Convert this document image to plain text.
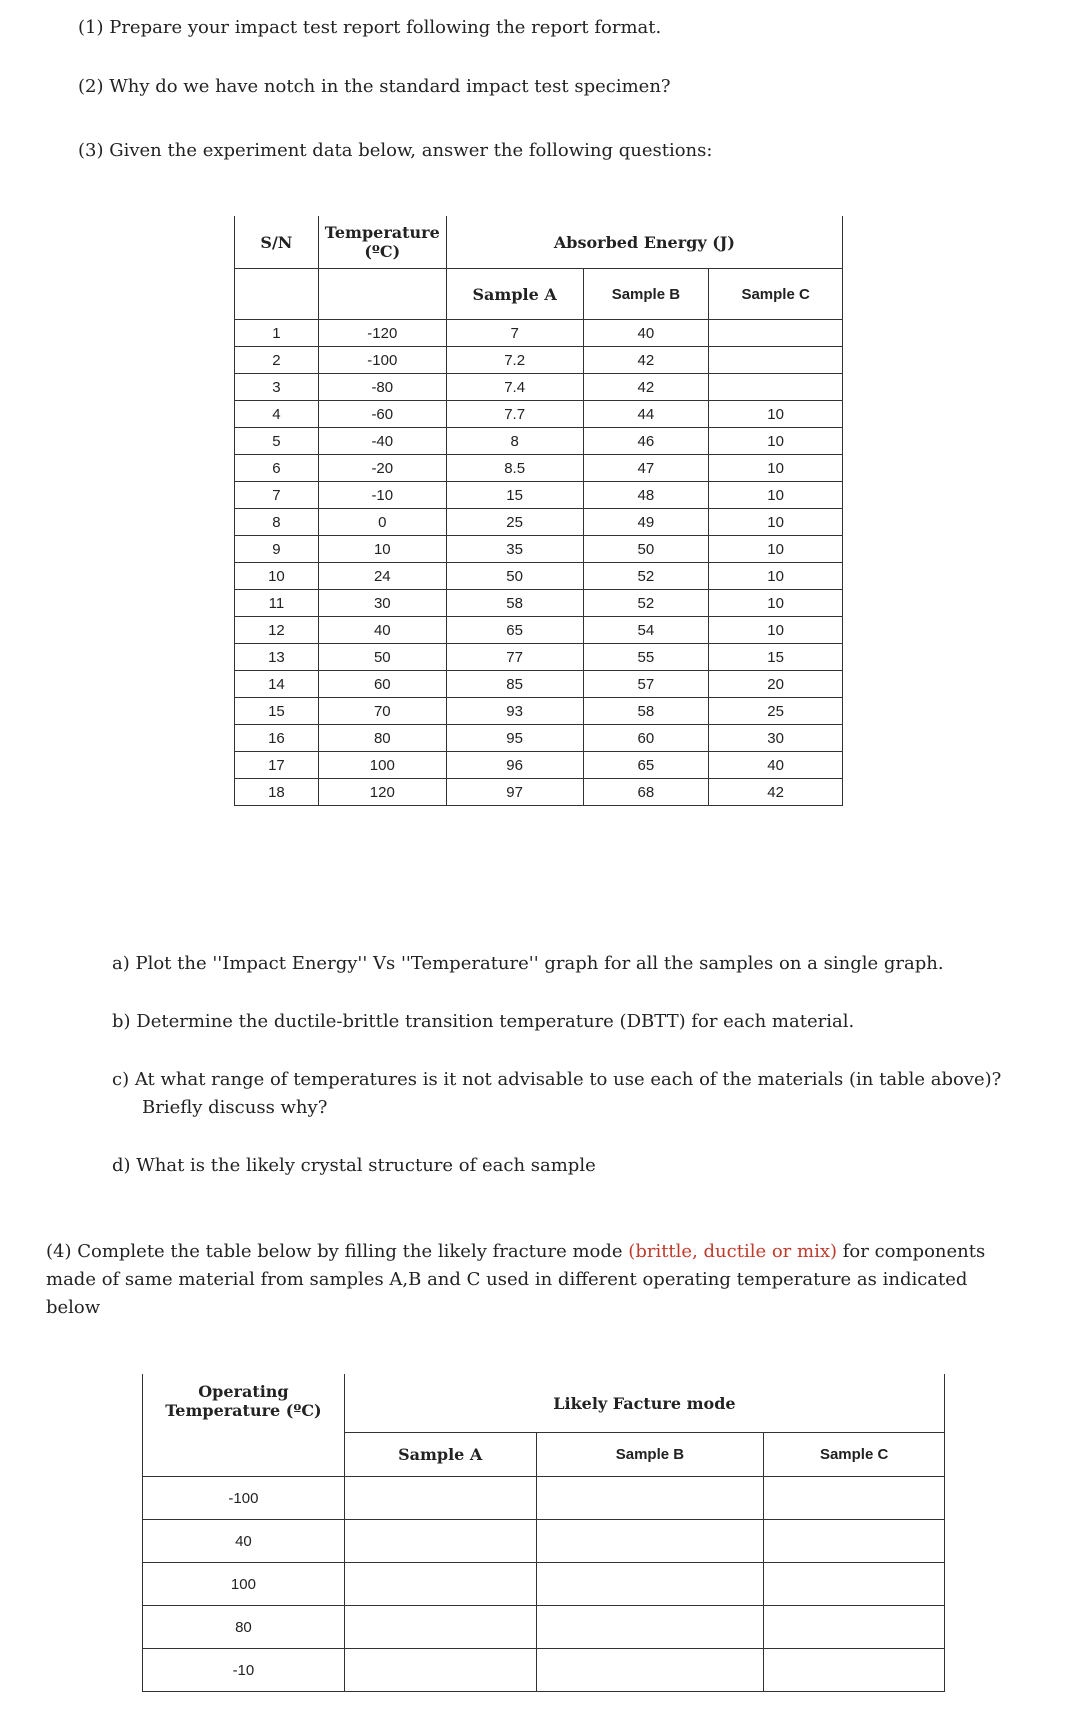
(1) Prepare your impact test report following the report format.

(2) Why do we have notch in the standard impact test specimen?

(3) Given the experiment data below, answer the following questions:

S/N	Temperature (ºC)	Absorbed Energy (J)		
		Sample A	Sample B	Sample C
1	-120	7	40	
2	-100	7.2	42	
3	-80	7.4	42	
4	-60	7.7	44	10
5	-40	8	46	10
6	-20	8.5	47	10
7	-10	15	48	10
8	0	25	49	10
9	10	35	50	10
10	24	50	52	10
11	30	58	52	10
12	40	65	54	10
13	50	77	55	15
14	60	85	57	20
15	70	93	58	25
16	80	95	60	30
17	100	96	65	40
18	120	97	68	42

a) Plot the ''Impact Energy'' Vs ''Temperature'' graph for all the samples on a single graph.

b) Determine the ductile-brittle transition temperature (DBTT) for each material.

c) At what range of temperatures is it not advisable to use each of the materials (in table above)?

Briefly discuss why?

d) What is the likely crystal structure of each sample

(4) Complete the table below by filling the likely fracture mode (brittle, ductile or mix) for components made of same material from samples A,B and C used in different operating temperature as indicated below

Operating Temperature (ºC)	Likely Facture mode		
	Sample A	Sample B	Sample C
-100			
40			
100			
80			
-10			
